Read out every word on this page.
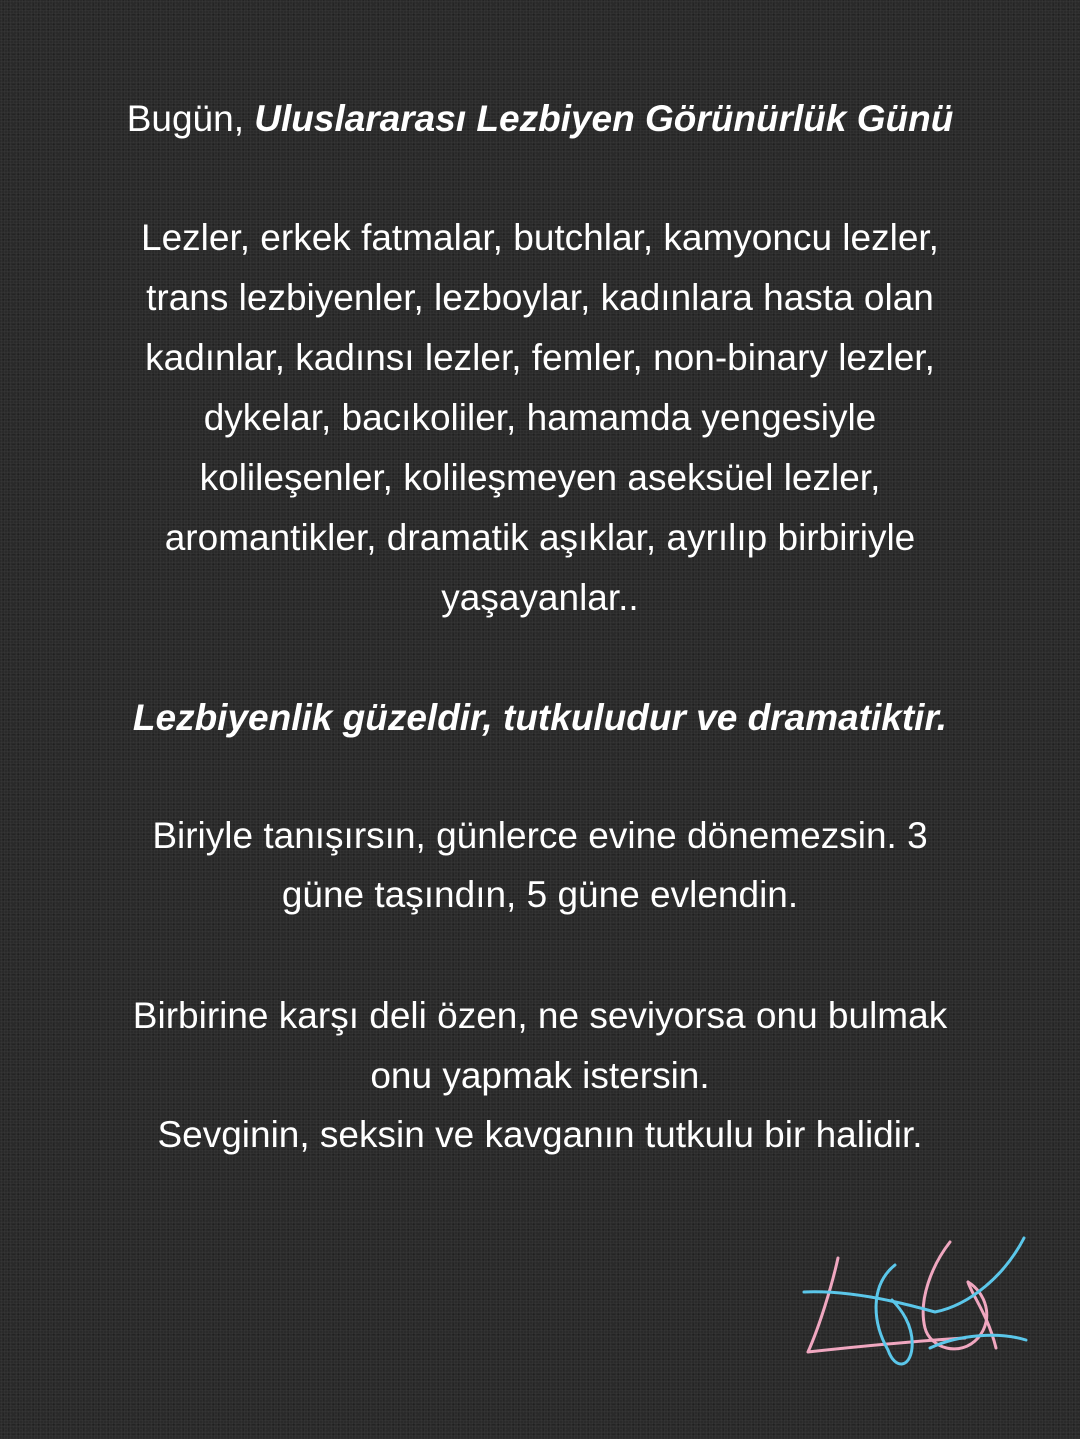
Bugün, Uluslararası Lezbiyen Görünürlük Günü
Lezler, erkek fatmalar, butchlar, kamyoncu lezler,
trans lezbiyenler, lezboylar, kadınlara hasta olan
kadınlar, kadınsı lezler, femler, non-binary lezler,
dykelar, bacıkoliler, hamamda yengesiyle
kolileşenler, kolileşmeyen aseksüel lezler,
aromantikler, dramatik aşıklar, ayrılıp birbiriyle
yaşayanlar..
Lezbiyenlik güzeldir, tutkuludur ve dramatiktir.
Biriyle tanışırsın, günlerce evine dönemezsin. 3
güne taşındın, 5 güne evlendin.
Birbirine karşı deli özen, ne seviyorsa onu bulmak
onu yapmak istersin.
Sevginin, seksin ve kavganın tutkulu bir halidir.
